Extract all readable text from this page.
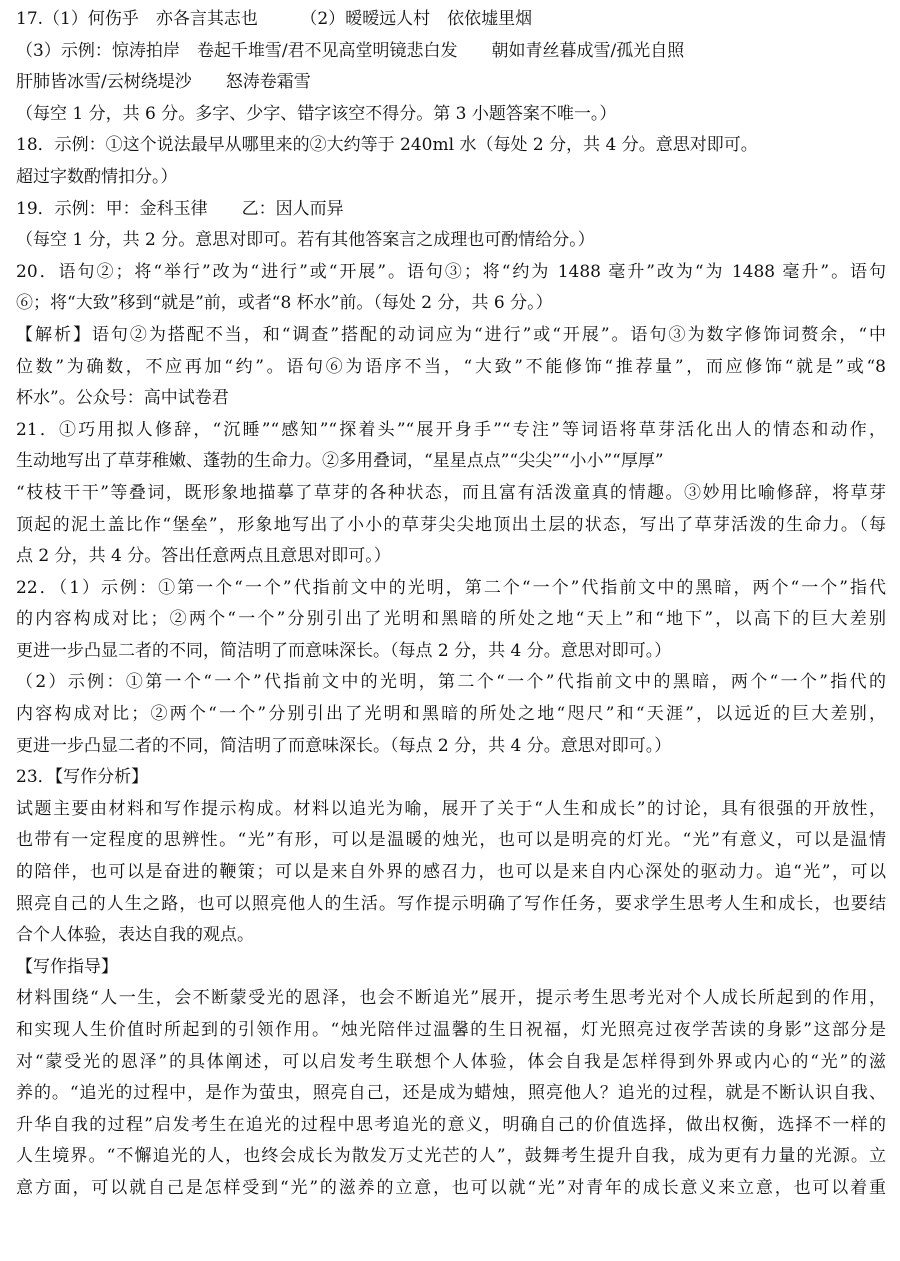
17.（1）何伤乎　亦各言其志也　　　（2）暧暧远人村　依依墟里烟
（3）示例：惊涛拍岸　卷起千堆雪/君不见高堂明镜悲白发　　朝如青丝暮成雪/孤光自照
肝肺皆冰雪/云树绕堤沙　　怒涛卷霜雪
（每空 1 分，共 6 分。多字、少字、错字该空不得分。第 3 小题答案不唯一。）
18．示例：①这个说法最早从哪里来的②大约等于 240ml 水（每处 2 分，共 4 分。意思对即可。
超过字数酌情扣分。）
19．示例：甲：金科玉律　　乙：因人而异
（每空 1 分，共 2 分。意思对即可。若有其他答案言之成理也可酌情给分。）
20．语句②；将“举行”改为“进行”或“开展”。语句③；将“约为 1488 毫升”改为“为 1488 毫升”。语句
⑥；将“大致”移到“就是”前，或者“8 杯水”前。（每处 2 分，共 6 分。）
【解析】语句②为搭配不当，和“调查”搭配的动词应为“进行”或“开展”。语句③为数字修饰词赘余，“中
位数”为确数，不应再加“约”。语句⑥为语序不当，“大致”不能修饰“推荐量”，而应修饰“就是”或“8
杯水”。公众号：高中试卷君
21．①巧用拟人修辞，“沉睡”“感知”“探着头”“展开身手”“专注”等词语将草芽活化出人的情态和动作，
生动地写出了草芽稚嫩、蓬勃的生命力。②多用叠词，“星星点点”“尖尖”“小小”“厚厚”
“枝枝干干”等叠词，既形象地描摹了草芽的各种状态，而且富有活泼童真的情趣。③妙用比喻修辞，将草芽
顶起的泥土盖比作“堡垒”，形象地写出了小小的草芽尖尖地顶出土层的状态，写出了草芽活泼的生命力。（每
点 2 分，共 4 分。答出任意两点且意思对即可。）
22．（1）示例：①第一个“一个”代指前文中的光明，第二个“一个”代指前文中的黑暗，两个“一个”指代
的内容构成对比；②两个“一个”分别引出了光明和黑暗的所处之地“天上”和“地下”，以高下的巨大差别
更进一步凸显二者的不同，简洁明了而意味深长。（每点 2 分，共 4 分。意思对即可。）
（2）示例：①第一个“一个”代指前文中的光明，第二个“一个”代指前文中的黑暗，两个“一个”指代的
内容构成对比；②两个“一个”分别引出了光明和黑暗的所处之地“咫尺”和“天涯”，以远近的巨大差别，
更进一步凸显二者的不同，简洁明了而意味深长。（每点 2 分，共 4 分。意思对即可。）
23．【写作分析】
试题主要由材料和写作提示构成。材料以追光为喻，展开了关于“人生和成长”的讨论，具有很强的开放性，
也带有一定程度的思辨性。“光”有形，可以是温暖的烛光，也可以是明亮的灯光。“光”有意义，可以是温情
的陪伴，也可以是奋进的鞭策；可以是来自外界的感召力，也可以是来自内心深处的驱动力。追“光”，可以
照亮自己的人生之路，也可以照亮他人的生活。写作提示明确了写作任务，要求学生思考人生和成长，也要结
合个人体验，表达自我的观点。
【写作指导】
材料围绕“人一生，会不断蒙受光的恩泽，也会不断追光”展开，提示考生思考光对个人成长所起到的作用，
和实现人生价值时所起到的引领作用。“烛光陪伴过温馨的生日祝福，灯光照亮过夜学苦读的身影”这部分是
对“蒙受光的恩泽”的具体阐述，可以启发考生联想个人体验，体会自我是怎样得到外界或内心的“光”的滋
养的。“追光的过程中，是作为萤虫，照亮自己，还是成为蜡烛，照亮他人？追光的过程，就是不断认识自我、
升华自我的过程”启发考生在追光的过程中思考追光的意义，明确自己的价值选择，做出权衡，选择不一样的
人生境界。“不懈追光的人，也终会成长为散发万丈光芒的人”，鼓舞考生提升自我，成为更有力量的光源。立
意方面，可以就自己是怎样受到“光”的滋养的立意，也可以就“光”对青年的成长意义来立意，也可以着重
